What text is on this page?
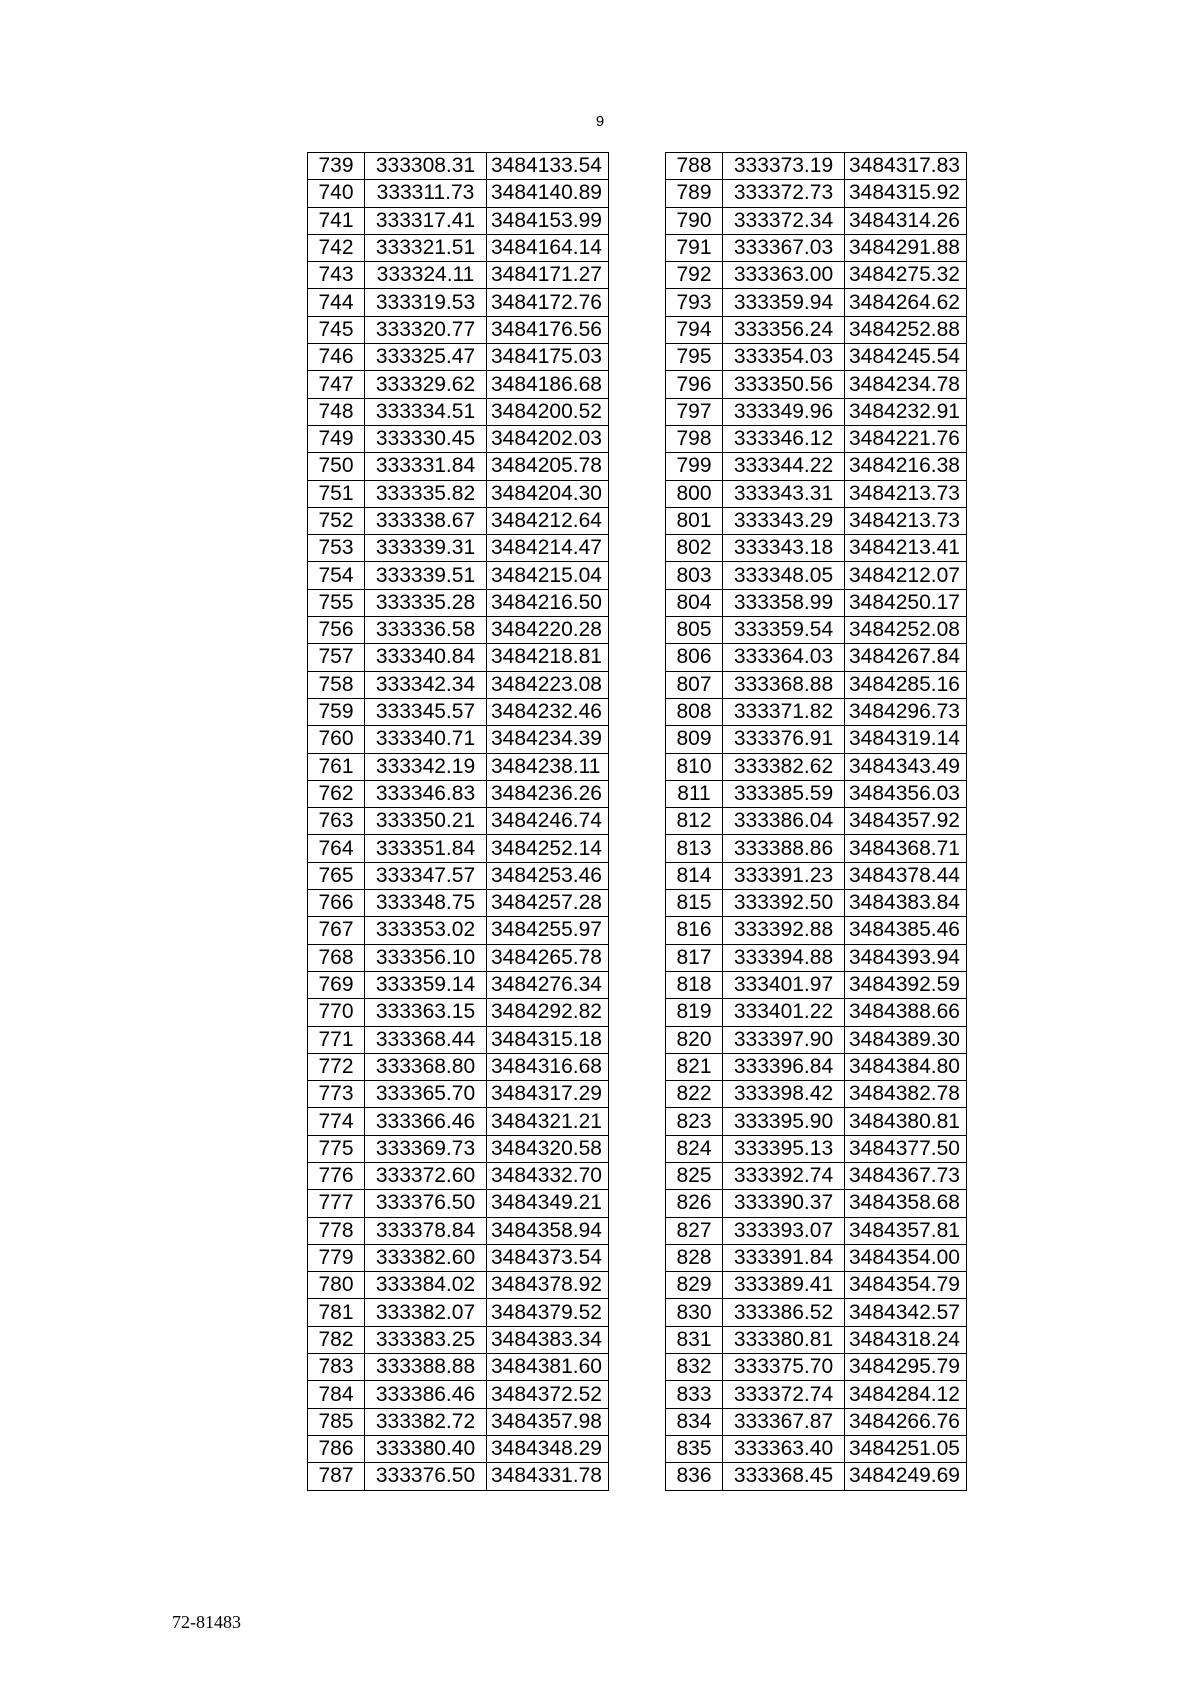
9
739	333308.31	3484133.54
740	333311.73	3484140.89
741	333317.41	3484153.99
742	333321.51	3484164.14
743	333324.11	3484171.27
744	333319.53	3484172.76
745	333320.77	3484176.56
746	333325.47	3484175.03
747	333329.62	3484186.68
748	333334.51	3484200.52
749	333330.45	3484202.03
750	333331.84	3484205.78
751	333335.82	3484204.30
752	333338.67	3484212.64
753	333339.31	3484214.47
754	333339.51	3484215.04
755	333335.28	3484216.50
756	333336.58	3484220.28
757	333340.84	3484218.81
758	333342.34	3484223.08
759	333345.57	3484232.46
760	333340.71	3484234.39
761	333342.19	3484238.11
762	333346.83	3484236.26
763	333350.21	3484246.74
764	333351.84	3484252.14
765	333347.57	3484253.46
766	333348.75	3484257.28
767	333353.02	3484255.97
768	333356.10	3484265.78
769	333359.14	3484276.34
770	333363.15	3484292.82
771	333368.44	3484315.18
772	333368.80	3484316.68
773	333365.70	3484317.29
774	333366.46	3484321.21
775	333369.73	3484320.58
776	333372.60	3484332.70
777	333376.50	3484349.21
778	333378.84	3484358.94
779	333382.60	3484373.54
780	333384.02	3484378.92
781	333382.07	3484379.52
782	333383.25	3484383.34
783	333388.88	3484381.60
784	333386.46	3484372.52
785	333382.72	3484357.98
786	333380.40	3484348.29
787	333376.50	3484331.78
788	333373.19	3484317.83
789	333372.73	3484315.92
790	333372.34	3484314.26
791	333367.03	3484291.88
792	333363.00	3484275.32
793	333359.94	3484264.62
794	333356.24	3484252.88
795	333354.03	3484245.54
796	333350.56	3484234.78
797	333349.96	3484232.91
798	333346.12	3484221.76
799	333344.22	3484216.38
800	333343.31	3484213.73
801	333343.29	3484213.73
802	333343.18	3484213.41
803	333348.05	3484212.07
804	333358.99	3484250.17
805	333359.54	3484252.08
806	333364.03	3484267.84
807	333368.88	3484285.16
808	333371.82	3484296.73
809	333376.91	3484319.14
810	333382.62	3484343.49
811	333385.59	3484356.03
812	333386.04	3484357.92
813	333388.86	3484368.71
814	333391.23	3484378.44
815	333392.50	3484383.84
816	333392.88	3484385.46
817	333394.88	3484393.94
818	333401.97	3484392.59
819	333401.22	3484388.66
820	333397.90	3484389.30
821	333396.84	3484384.80
822	333398.42	3484382.78
823	333395.90	3484380.81
824	333395.13	3484377.50
825	333392.74	3484367.73
826	333390.37	3484358.68
827	333393.07	3484357.81
828	333391.84	3484354.00
829	333389.41	3484354.79
830	333386.52	3484342.57
831	333380.81	3484318.24
832	333375.70	3484295.79
833	333372.74	3484284.12
834	333367.87	3484266.76
835	333363.40	3484251.05
836	333368.45	3484249.69
72-81483
